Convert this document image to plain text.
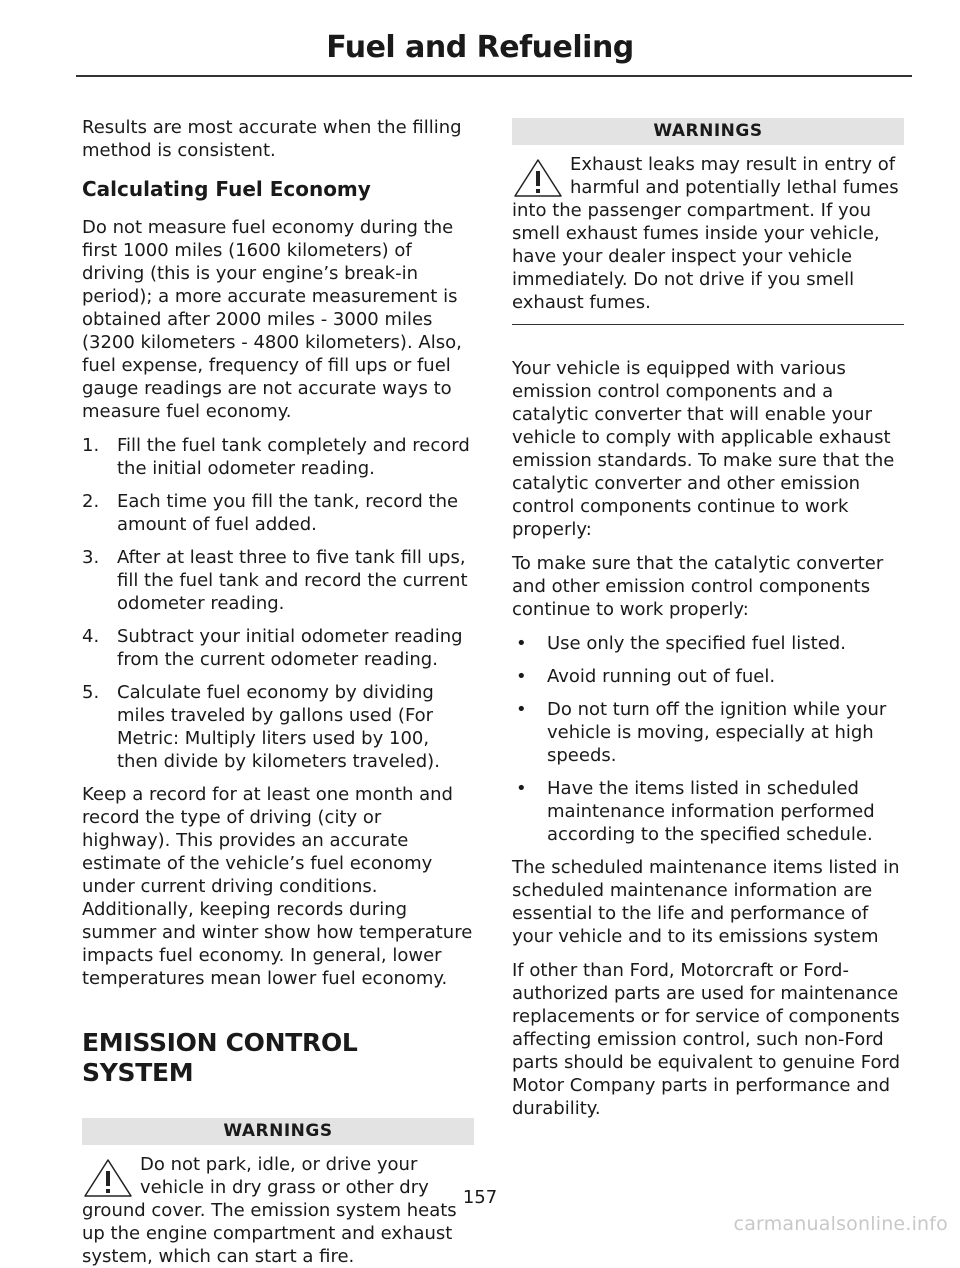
Fuel and Refueling

Results are most accurate when the filling method is consistent.

Calculating Fuel Economy

Do not measure fuel economy during the first 1000 miles (1600 kilometers) of driving (this is your engine’s break-in period); a more accurate measurement is obtained after 2000 miles - 3000 miles (3200 kilometers - 4800 kilometers). Also, fuel expense, frequency of fill ups or fuel gauge readings are not accurate ways to measure fuel economy.

1. Fill the fuel tank completely and record the initial odometer reading.
2. Each time you fill the tank, record the amount of fuel added.
3. After at least three to five tank fill ups, fill the fuel tank and record the current odometer reading.
4. Subtract your initial odometer reading from the current odometer reading.
5. Calculate fuel economy by dividing miles traveled by gallons used (For Metric: Multiply liters used by 100, then divide by kilometers traveled).

Keep a record for at least one month and record the type of driving (city or highway). This provides an accurate estimate of the vehicle’s fuel economy under current driving conditions. Additionally, keeping records during summer and winter show how temperature impacts fuel economy. In general, lower temperatures mean lower fuel economy.

EMISSION CONTROL SYSTEM
WARNINGS
Do not park, idle, or drive your vehicle in dry grass or other dry ground cover. The emission system heats up the engine compartment and exhaust system, which can start a fire.
WARNINGS
Exhaust leaks may result in entry of harmful and potentially lethal fumes into the passenger compartment. If you smell exhaust fumes inside your vehicle, have your dealer inspect your vehicle immediately. Do not drive if you smell exhaust fumes.

Your vehicle is equipped with various emission control components and a catalytic converter that will enable your vehicle to comply with applicable exhaust emission standards. To make sure that the catalytic converter and other emission control components continue to work properly:

To make sure that the catalytic converter and other emission control components continue to work properly:

• Use only the specified fuel listed.
• Avoid running out of fuel.
• Do not turn off the ignition while your vehicle is moving, especially at high speeds.
• Have the items listed in scheduled maintenance information performed according to the specified schedule.

The scheduled maintenance items listed in scheduled maintenance information are essential to the life and performance of your vehicle and to its emissions system

If other than Ford, Motorcraft or Ford-authorized parts are used for maintenance replacements or for service of components affecting emission control, such non-Ford parts should be equivalent to genuine Ford Motor Company parts in performance and durability.

157
carmanualsonline.info
